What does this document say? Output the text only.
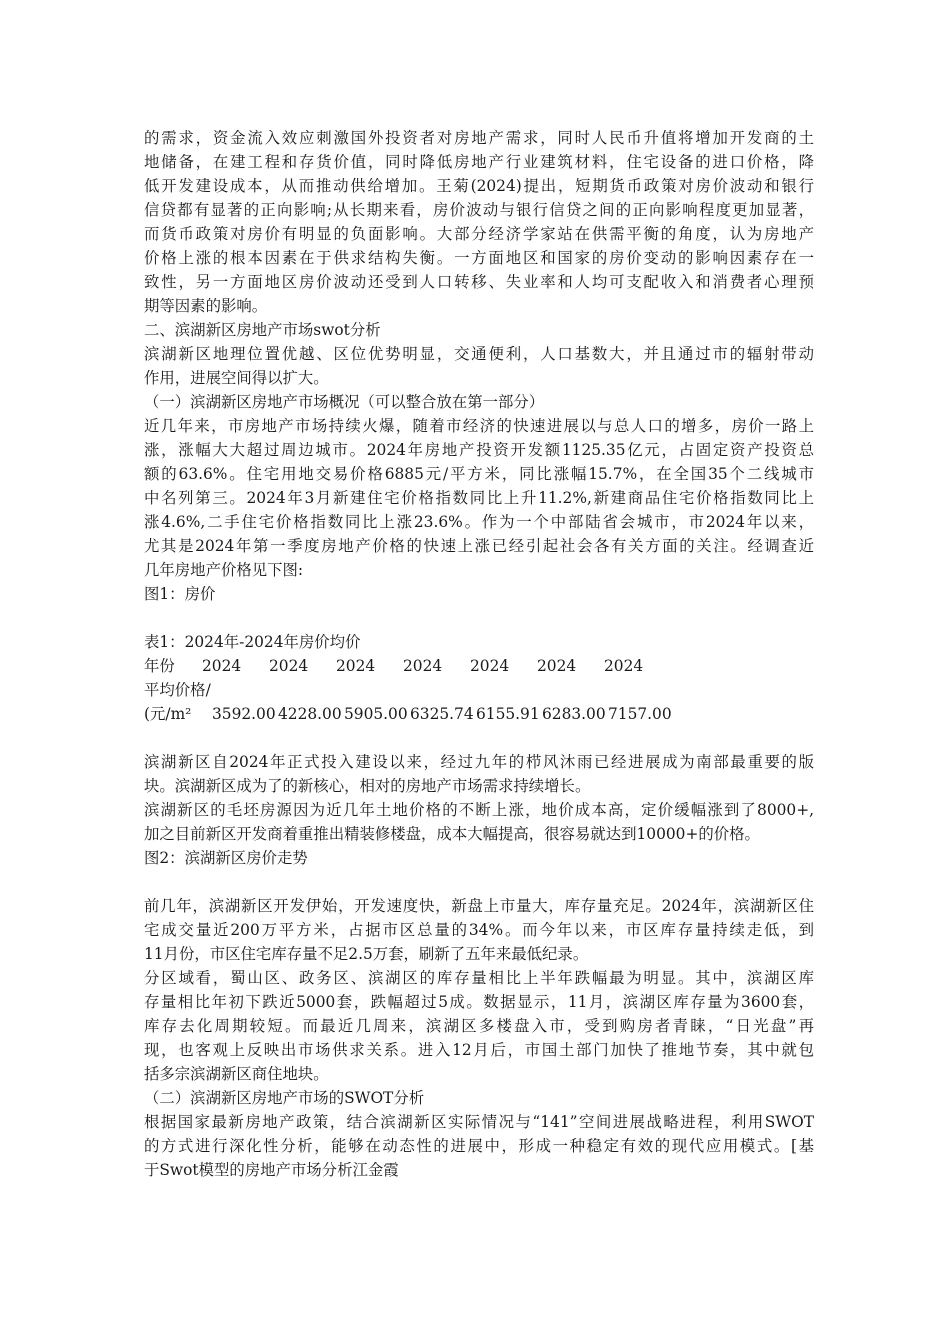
的需求，资金流入效应刺激国外投资者对房地产需求，同时人民币升值将增加开发商的土
地储备，在建工程和存货价值，同时降低房地产行业建筑材料，住宅设备的进口价格，降
低开发建设成本，从而推动供给增加。王菊(2024)提出，短期货币政策对房价波动和银行
信贷都有显著的正向影响;从长期来看，房价波动与银行信贷之间的正向影响程度更加显著，
而货币政策对房价有明显的负面影响。大部分经济学家站在供需平衡的角度，认为房地产
价格上涨的根本因素在于供求结构失衡。一方面地区和国家的房价变动的影响因素存在一
致性，另一方面地区房价波动还受到人口转移、失业率和人均可支配收入和消费者心理预
期等因素的影响。
二、滨湖新区房地产市场swot分析
滨湖新区地理位置优越、区位优势明显，交通便利，人口基数大，并且通过市的辐射带动
作用，进展空间得以扩大。
（一）滨湖新区房地产市场概况（可以整合放在第一部分）
近几年来，市房地产市场持续火爆，随着市经济的快速进展以与总人口的增多，房价一路上
涨，涨幅大大超过周边城市。2024年房地产投资开发额1125.35亿元，占固定资产投资总
额的63.6%。住宅用地交易价格6885元/平方米，同比涨幅15.7%，在全国35个二线城市
中名列第三。2024年3月新建住宅价格指数同比上升11.2%,新建商品住宅价格指数同比上
涨4.6%,二手住宅价格指数同比上涨23.6%。作为一个中部陆省会城市，市2024年以来，
尤其是2024年第一季度房地产价格的快速上涨已经引起社会各有关方面的关注。经调查近
几年房地产价格见下图:
图1：房价
表1：2024年-2024年房价均价
年份	2024	2024	2024	2024	2024	2024	2024
平均价格/
(元/m²	3592.00 4228.00 5905.00 6325.74 6155.91 6283.00 7157.00
滨湖新区自2024年正式投入建设以来，经过九年的栉风沐雨已经进展成为南部最重要的版
块。滨湖新区成为了的新核心，相对的房地产市场需求持续增长。
滨湖新区的毛坯房源因为近几年土地价格的不断上涨，地价成本高，定价缓幅涨到了8000+,
加之目前新区开发商着重推出精装修楼盘，成本大幅提高，很容易就达到10000+的价格。
图2：滨湖新区房价走势
前几年，滨湖新区开发伊始，开发速度快，新盘上市量大，库存量充足。2024年，滨湖新区住
宅成交量近200万平方米，占据市区总量的34%。而今年以来，市区库存量持续走低，到
11月份，市区住宅库存量不足2.5万套，刷新了五年来最低纪录。
分区域看，蜀山区、政务区、滨湖区的库存量相比上半年跌幅最为明显。其中，滨湖区库
存量相比年初下跌近5000套，跌幅超过5成。数据显示，11月，滨湖区库存量为3600套，
库存去化周期较短。而最近几周来，滨湖区多楼盘入市，受到购房者青睐，“日光盘”再
现，也客观上反映出市场供求关系。进入12月后，市国土部门加快了推地节奏，其中就包
括多宗滨湖新区商住地块。
（二）滨湖新区房地产市场的SWOT分析
根据国家最新房地产政策，结合滨湖新区实际情况与“141”空间进展战略进程，利用SWOT
的方式进行深化性分析，能够在动态性的进展中，形成一种稳定有效的现代应用模式。[基
于Swot模型的房地产市场分析江金霞
